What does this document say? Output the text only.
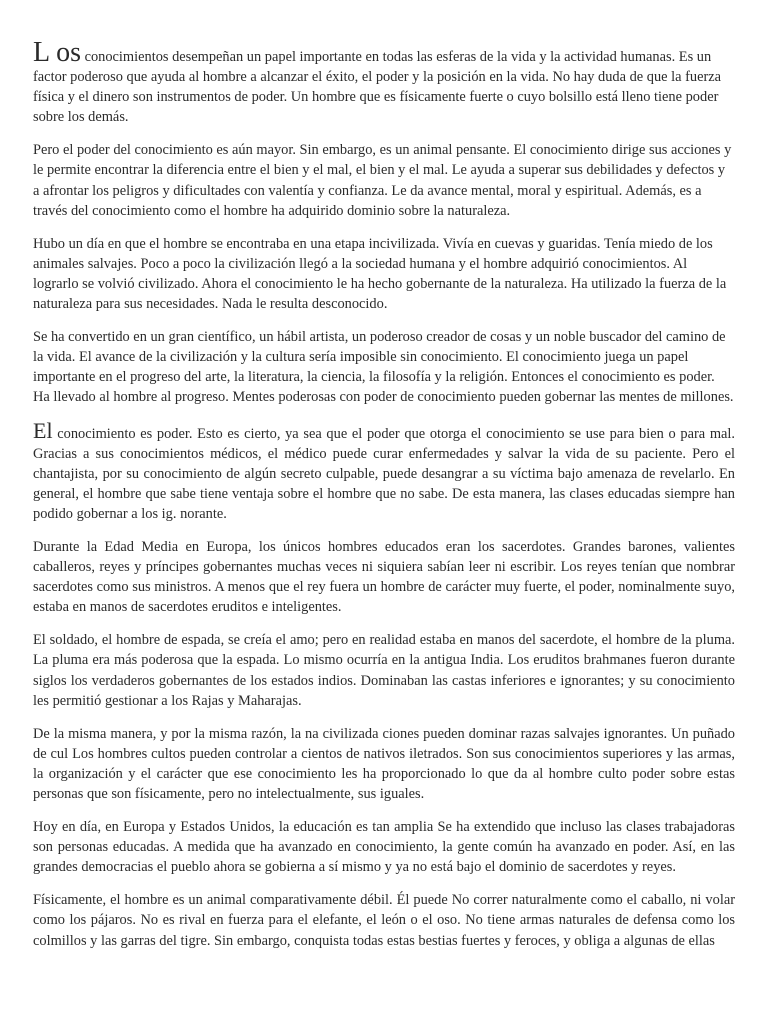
L os conocimientos desempeñan un papel importante en todas las esferas de la vida y la actividad humanas. Es un factor poderoso que ayuda al hombre a alcanzar el éxito, el poder y la posición en la vida. No hay duda de que la fuerza física y el dinero son instrumentos de poder. Un hombre que es físicamente fuerte o cuyo bolsillo está lleno tiene poder sobre los demás.

Pero el poder del conocimiento es aún mayor. Sin embargo, es un animal pensante. El conocimiento dirige sus acciones y le permite encontrar la diferencia entre el bien y el mal, el bien y el mal. Le ayuda a superar sus debilidades y defectos y a afrontar los peligros y dificultades con valentía y confianza. Le da avance mental, moral y espiritual. Además, es a través del conocimiento como el hombre ha adquirido dominio sobre la naturaleza.

Hubo un día en que el hombre se encontraba en una etapa incivilizada. Vivía en cuevas y guaridas. Tenía miedo de los animales salvajes. Poco a poco la civilización llegó a la sociedad humana y el hombre adquirió conocimientos. Al lograrlo se volvió civilizado. Ahora el conocimiento le ha hecho gobernante de la naturaleza. Ha utilizado la fuerza de la naturaleza para sus necesidades. Nada le resulta desconocido.

Se ha convertido en un gran científico, un hábil artista, un poderoso creador de cosas y un noble buscador del camino de la vida. El avance de la civilización y la cultura sería imposible sin conocimiento. El conocimiento juega un papel importante en el progreso del arte, la literatura, la ciencia, la filosofía y la religión. Entonces el conocimiento es poder. Ha llevado al hombre al progreso. Mentes poderosas con poder de conocimiento pueden gobernar las mentes de millones.

El conocimiento es poder. Esto es cierto, ya sea que el poder que otorga el conocimiento se use para bien o para mal. Gracias a sus conocimientos médicos, el médico puede curar enfermedades y salvar la vida de su paciente. Pero el chantajista, por su conocimiento de algún secreto culpable, puede desangrar a su víctima bajo amenaza de revelarlo. En general, el hombre que sabe tiene ventaja sobre el hombre que no sabe. De esta manera, las clases educadas siempre han podido gobernar a los ig. norante.

Durante la Edad Media en Europa, los únicos hombres educados eran los sacerdotes. Grandes barones, valientes caballeros, reyes y príncipes gobernantes muchas veces ni siquiera sabían leer ni escribir. Los reyes tenían que nombrar sacerdotes como sus ministros. A menos que el rey fuera un hombre de carácter muy fuerte, el poder, nominalmente suyo, estaba en manos de sacerdotes eruditos e inteligentes.

El soldado, el hombre de espada, se creía el amo; pero en realidad estaba en manos del sacerdote, el hombre de la pluma. La pluma era más poderosa que la espada. Lo mismo ocurría en la antigua India. Los eruditos brahmanes fueron durante siglos los verdaderos gobernantes de los estados indios. Dominaban las castas inferiores e ignorantes; y su conocimiento les permitió gestionar a los Rajas y Maharajas.

De la misma manera, y por la misma razón, la na civilizada ciones pueden dominar razas salvajes ignorantes. Un puñado de cul Los hombres cultos pueden controlar a cientos de nativos iletrados. Son sus conocimientos superiores y las armas, la organización y el carácter que ese conocimiento les ha proporcionado lo que da al hombre culto poder sobre estas personas que son físicamente, pero no intelectualmente, sus iguales.

Hoy en día, en Europa y Estados Unidos, la educación es tan amplia Se ha extendido que incluso las clases trabajadoras son personas educadas. A medida que ha avanzado en conocimiento, la gente común ha avanzado en poder. Así, en las grandes democracias el pueblo ahora se gobierna a sí mismo y ya no está bajo el dominio de sacerdotes y reyes.

Físicamente, el hombre es un animal comparativamente débil. Él puede No correr naturalmente como el caballo, ni volar como los pájaros. No es rival en fuerza para el elefante, el león o el oso. No tiene armas naturales de defensa como los colmillos y las garras del tigre. Sin embargo, conquista todas estas bestias fuertes y feroces, y obliga a algunas de ellas
